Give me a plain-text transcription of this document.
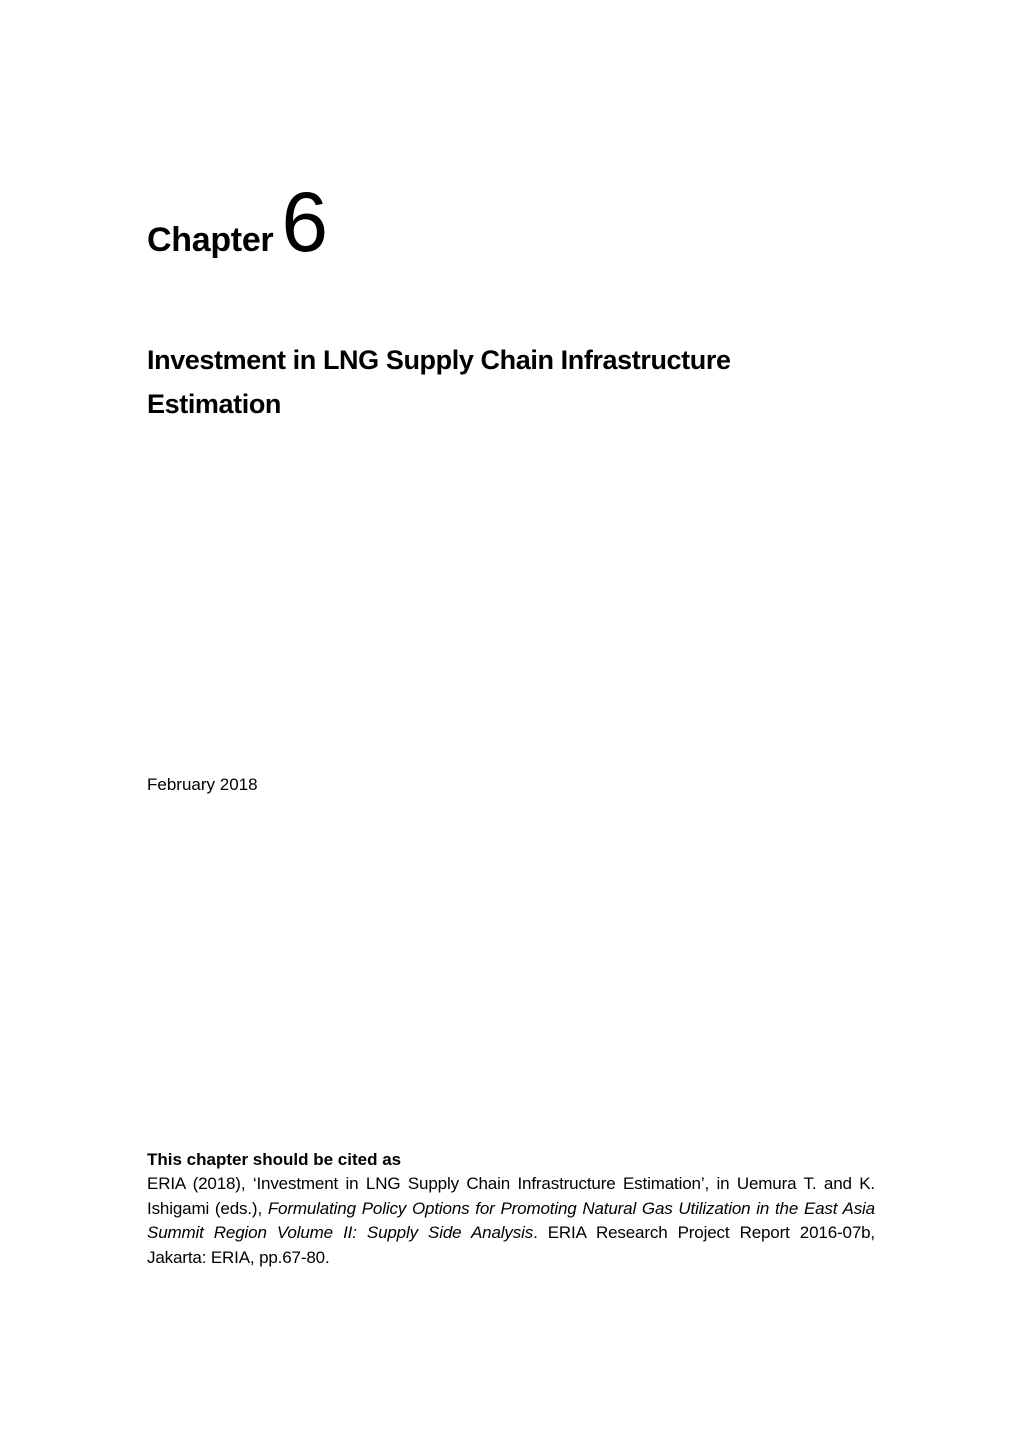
Chapter6
Investment in LNG Supply Chain Infrastructure
Estimation
February 2018

This chapter should be cited as

ERIA (2018), ‘Investment in LNG Supply Chain Infrastructure Estimation’, in Uemura T. and K. Ishigami (eds.), Formulating Policy Options for Promoting Natural Gas Utilization in the East Asia Summit Region Volume II: Supply Side Analysis. ERIA Research Project Report 2016-07b, Jakarta: ERIA, pp.67-80.
